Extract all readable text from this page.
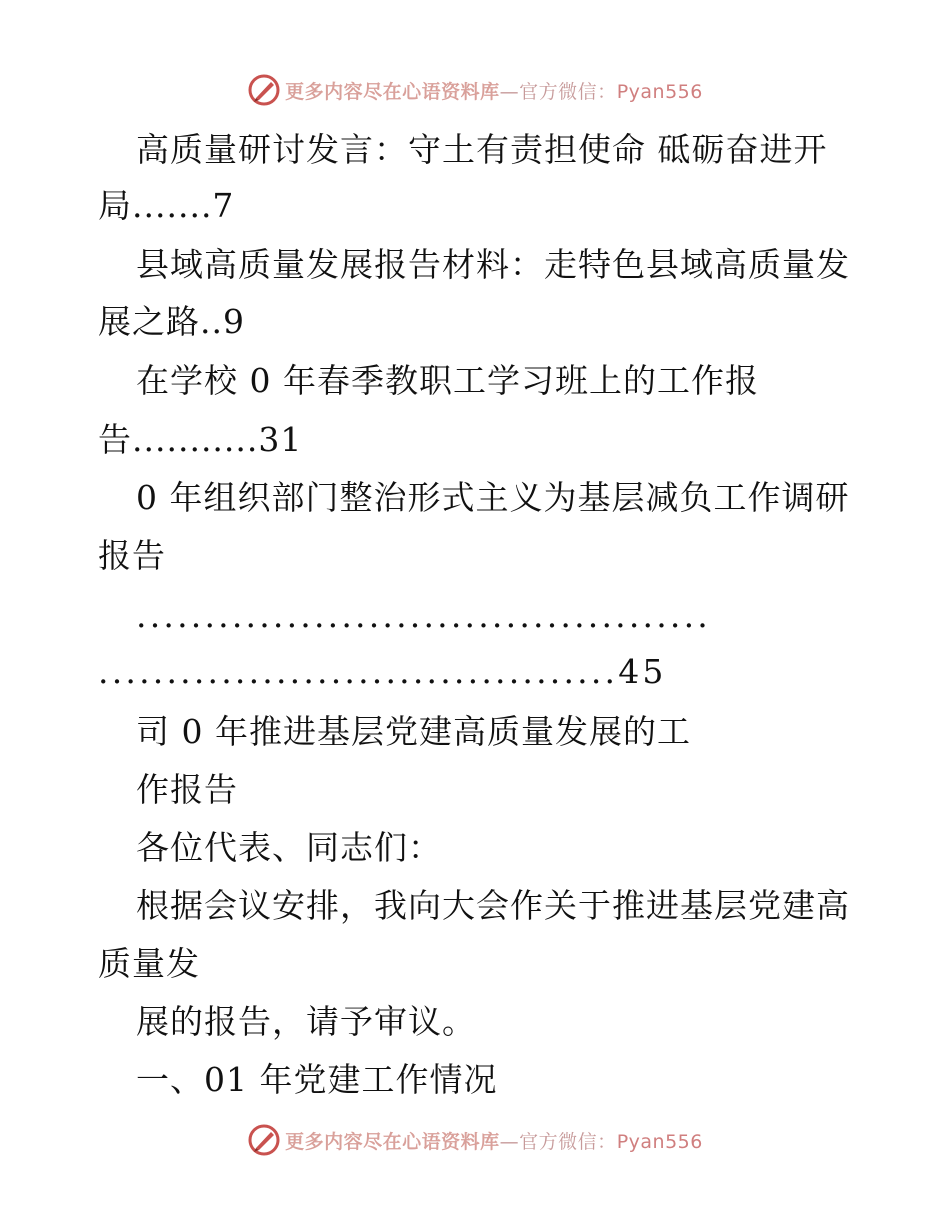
更多内容尽在心语资料库—官方微信：Pyan556
高质量研讨发言：守土有责担使命 砥砺奋进开
局.......7
县域高质量发展报告材料：走特色县域高质量发
展之路..9
在学校 0 年春季教职工学习班上的工作报
告...........31
0 年组织部门整治形式主义为基层减负工作调研
报告
..........................................
......................................45
司 0 年推进基层党建高质量发展的工
作报告
各位代表、同志们：
根据会议安排，我向大会作关于推进基层党建高
质量发
展的报告，请予审议。
一、01 年党建工作情况
更多内容尽在心语资料库—官方微信：Pyan556
